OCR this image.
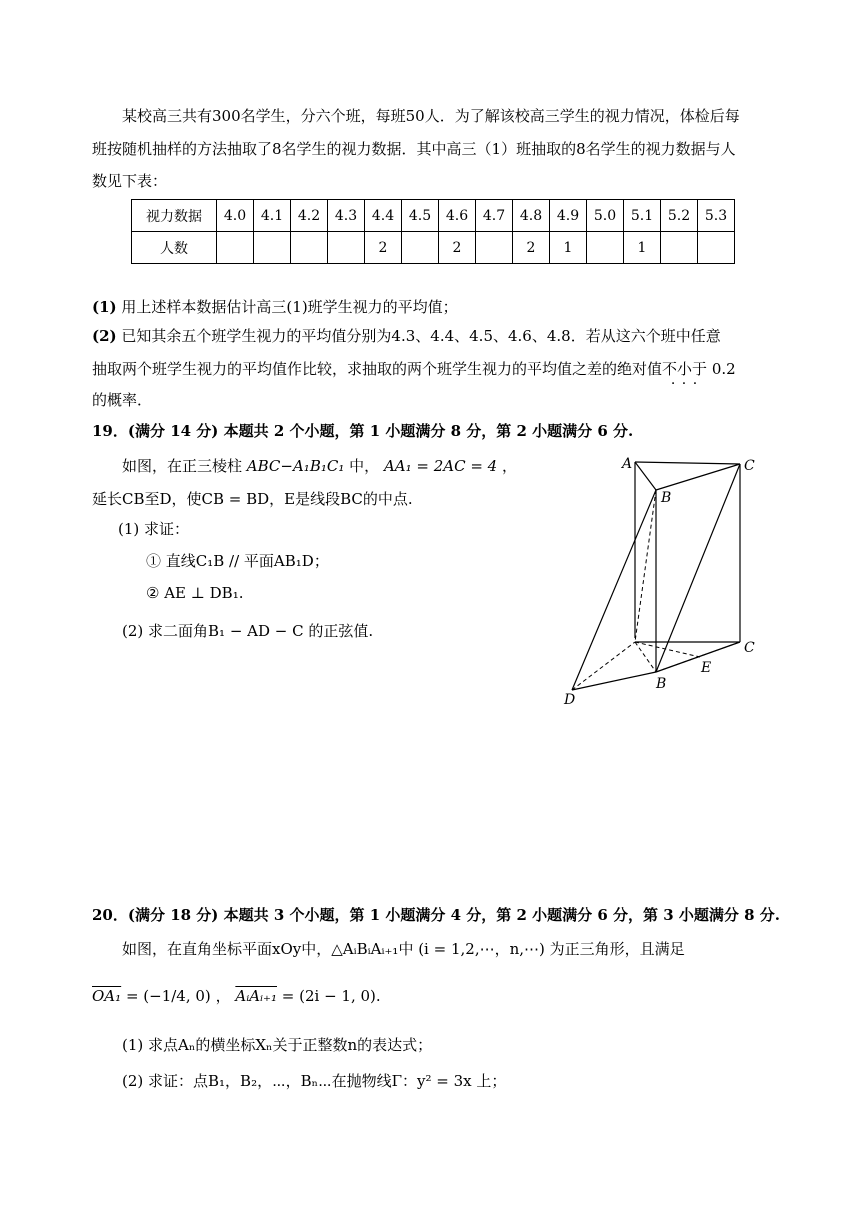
某校高三共有300名学生，分六个班，每班50人．为了解该校高三学生的视力情况，体检后每
班按随机抽样的方法抽取了8名学生的视力数据．其中高三（1）班抽取的8名学生的视力数据与人
数见下表：
视力数据	4.0	4.1	4.2	4.3	4.4	4.5	4.6	4.7	4.8	4.9	5.0	5.1	5.2	5.3
人数					2		2		2	1		1		
(1) 用上述样本数据估计高三(1)班学生视力的平均值；
(2) 已知其余五个班学生视力的平均值分别为4.3、4.4、4.5、4.6、4.8．若从这六个班中任意
抽取两个班学生视力的平均值作比较，求抽取的两个班学生视力的平均值之差的绝对值不小于 · · · 0.2
的概率．
19．(满分 14 分) 本题共 2 个小题，第 1 小题满分 8 分，第 2 小题满分 6 分.
如图，在正三棱柱 ABC−A₁B₁C₁ 中， AA₁ = 2AC = 4 ，
延长CB至D，使CB = BD，E是线段BC的中点.
(1) 求证：
① 直线C₁B // 平面AB₁D；
② AE ⊥ DB₁.
(2) 求二面角B₁ − AD − C 的正弦值.
A	C
B
C
B
E
D
20．(满分 18 分) 本题共 3 个小题，第 1 小题满分 4 分，第 2 小题满分 6 分，第 3 小题满分 8 分.
如图，在直角坐标平面xOy中，△AᵢBᵢAᵢ₊₁中 (i = 1,2,⋯，n,⋯) 为正三角形，且满足
OA₁ = (−1/4, 0) ， AᵢAᵢ₊₁ = (2i − 1, 0).
(1) 求点Aₙ的横坐标Xₙ关于正整数n的表达式；
(2) 求证：点B₁，B₂，⋯，Bₙ⋯在抛物线Γ：y² = 3x 上；
